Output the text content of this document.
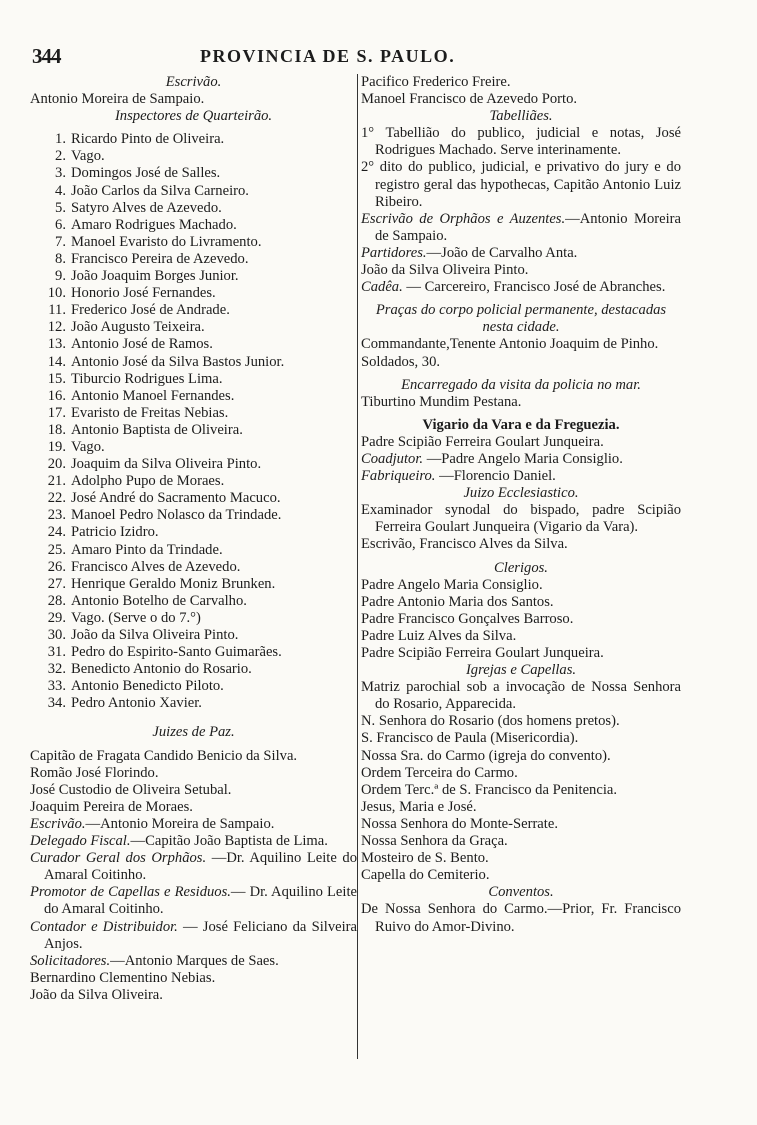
344	PROVINCIA DE S. PAULO.

Escrivão.

Antonio Moreira de Sampaio.

Inspectores de Quarteirão.

1. Ricardo Pinto de Oliveira.
2. Vago.
3. Domingos José de Salles.
4. João Carlos da Silva Carneiro.
5. Satyro Alves de Azevedo.
6. Amaro Rodrigues Machado.
7. Manoel Evaristo do Livramento.
8. Francisco Pereira de Azevedo.
9. João Joaquim Borges Junior.
10. Honorio José Fernandes.
11. Frederico José de Andrade.
12. João Augusto Teixeira.
13. Antonio José de Ramos.
14. Antonio José da Silva Bastos Junior.
15. Tiburcio Rodrigues Lima.
16. Antonio Manoel Fernandes.
17. Evaristo de Freitas Nebias.
18. Antonio Baptista de Oliveira.
19. Vago.
20. Joaquim da Silva Oliveira Pinto.
21. Adolpho Pupo de Moraes.
22. José André do Sacramento Macuco.
23. Manoel Pedro Nolasco da Trindade.
24. Patricio Izidro.
25. Amaro Pinto da Trindade.
26. Francisco Alves de Azevedo.
27. Henrique Geraldo Moniz Brunken.
28. Antonio Botelho de Carvalho.
29. Vago. (Serve o do 7.°)
30. João da Silva Oliveira Pinto.
31. Pedro do Espirito-Santo Guimarães.
32. Benedicto Antonio do Rosario.
33. Antonio Benedicto Piloto.
34. Pedro Antonio Xavier.

Juizes de Paz.

Capitão de Fragata Candido Benicio da Silva.

Romão José Florindo.

José Custodio de Oliveira Setubal.

Joaquim Pereira de Moraes.

Escrivão.—Antonio Moreira de Sampaio.

Delegado Fiscal.—Capitão João Baptista de Lima.

Curador Geral dos Orphãos. —Dr. Aquilino Leite do Amaral Coitinho.

Promotor de Capellas e Residuos.— Dr. Aquilino Leite do Amaral Coitinho.

Contador e Distribuidor. — José Feliciano da Silveira Anjos.

Solicitadores.—Antonio Marques de Saes.

Bernardino Clementino Nebias.

João da Silva Oliveira.

Pacifico Frederico Freire.

Manoel Francisco de Azevedo Porto.

Tabelliães.

1° Tabellião do publico, judicial e notas, José Rodrigues Machado. Serve interinamente.

2° dito do publico, judicial, e privativo do jury e do registro geral das hypothecas, Capitão Antonio Luiz Ribeiro.

Escrivão de Orphãos e Auzentes.—Antonio Moreira de Sampaio.

Partidores.—João de Carvalho Anta.

João da Silva Oliveira Pinto.

Cadêa. — Carcereiro, Francisco José de Abranches.

Praças do corpo policial permanente, destacadas nesta cidade.

Commandante,Tenente Antonio Joaquim de Pinho.

Soldados, 30.

Encarregado da visita da policia no mar.

Tiburtino Mundim Pestana.

Vigario da Vara e da Freguezia.

Padre Scipião Ferreira Goulart Junqueira.

Coadjutor. —Padre Angelo Maria Consiglio.

Fabriqueiro. —Florencio Daniel.

Juizo Ecclesiastico.

Examinador synodal do bispado, padre Scipião Ferreira Goulart Junqueira (Vigario da Vara).

Escrivão, Francisco Alves da Silva.

Clerigos.

Padre Angelo Maria Consiglio.

Padre Antonio Maria dos Santos.

Padre Francisco Gonçalves Barroso.

Padre Luiz Alves da Silva.

Padre Scipião Ferreira Goulart Junqueira.

Igrejas e Capellas.

Matriz parochial sob a invocação de Nossa Senhora do Rosario, Apparecida.

N. Senhora do Rosario (dos homens pretos).

S. Francisco de Paula (Misericordia).

Nossa Sra. do Carmo (igreja do convento).

Ordem Terceira do Carmo.

Ordem Terc.ª de S. Francisco da Penitencia.

Jesus, Maria e José.

Nossa Senhora do Monte-Serrate.

Nossa Senhora da Graça.

Mosteiro de S. Bento.

Capella do Cemiterio.

Conventos.

De Nossa Senhora do Carmo.—Prior, Fr. Francisco Ruivo do Amor-Divino.
